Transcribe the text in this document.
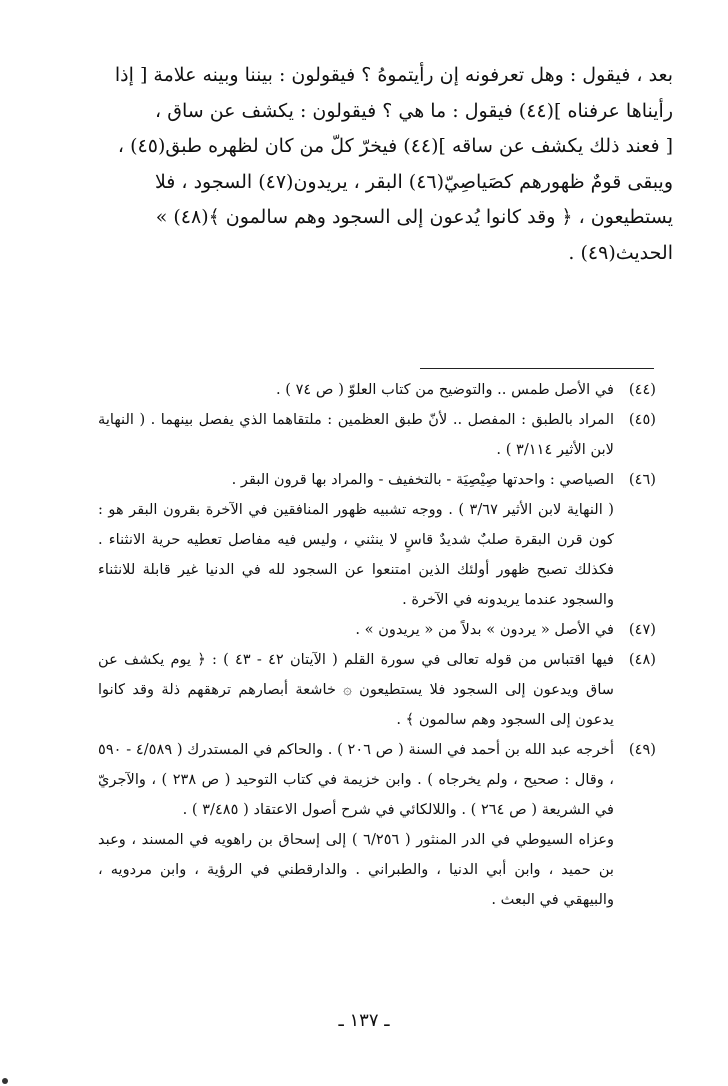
بعد ، فيقول : وهل تعرفونه إن رأيتموهُ ؟ فيقولون : بيننا وبينه علامة [ إذا

رأيناها عرفناه ](٤٤) فيقول : ما هي ؟ فيقولون : يكشف عن ساق ،

[ فعند ذلك يكشف عن ساقه ](٤٤) فيخرّ كلّ من كان لظهره طبق(٤٥) ،

ويبقى قومٌ ظهورهم كصَياصِيّ(٤٦) البقر ، يريدون(٤٧) السجود ، فلا

يستطيعون ، ﴿ وقد كانوا يُدعون إلى السجود وهم سالمون ﴾(٤٨) »

الحديث(٤٩) .

(٤٤)

في الأصل طمس .. والتوضيح من كتاب العلوّ ( ص ٧٤ ) .

(٤٥)

المراد بالطبق : المفصل .. لأنّ طبق العظمين : ملتقاهما الذي يفصل بينهما . ( النهاية لابن الأثير ٣/١١٤ ) .

(٤٦)

الصياصي : واحدتها صِيْصِيَة - بالتخفيف - والمراد بها قرون البقر .

( النهاية لابن الأثير ٣/٦٧ ) . ووجه تشبيه ظهور المنافقين في الآخرة بقرون البقر هو : كون قرن البقرة صلبٌ شديدٌ قاسٍ لا ينثني ، وليس فيه مفاصل تعطيه حرية الانثناء . فكذلك تصبح ظهور أولئك الذين امتنعوا عن السجود لله في الدنيا غير قابلة للانثناء والسجود عندما يريدونه في الآخرة .

(٤٧)

في الأصل « يردون » بدلاً من « يريدون » .

(٤٨)

فيها اقتباس من قوله تعالى في سورة القلم ( الآيتان ٤٢ - ٤٣ ) : ﴿ يوم يكشف عن ساق ويدعون إلى السجود فلا يستطيعون ۞ خاشعة أبصارهم ترهقهم ذلة وقد كانوا يدعون إلى السجود وهم سالمون ﴾ .

(٤٩)

أخرجه عبد الله بن أحمد في السنة ( ص ٢٠٦ ) . والحاكم في المستدرك ( ٤/٥٨٩ - ٥٩٠ ، وقال : صحيح ، ولم يخرجاه ) . وابن خزيمة في كتاب التوحيد ( ص ٢٣٨ ) ، والآجريّ في الشريعة ( ص ٢٦٤ ) . واللالكائي في شرح أصول الاعتقاد ( ٣/٤٨٥ ) .

وعزاه السيوطي في الدر المنثور ( ٦/٢٥٦ ) إلى إسحاق بن راهويه في المسند ، وعبد بن حميد ، وابن أبي الدنيا ، والطبراني . والدارقطني في الرؤية ، وابن مردويه ، والبيهقي في البعث .

ـ ١٣٧ ـ
